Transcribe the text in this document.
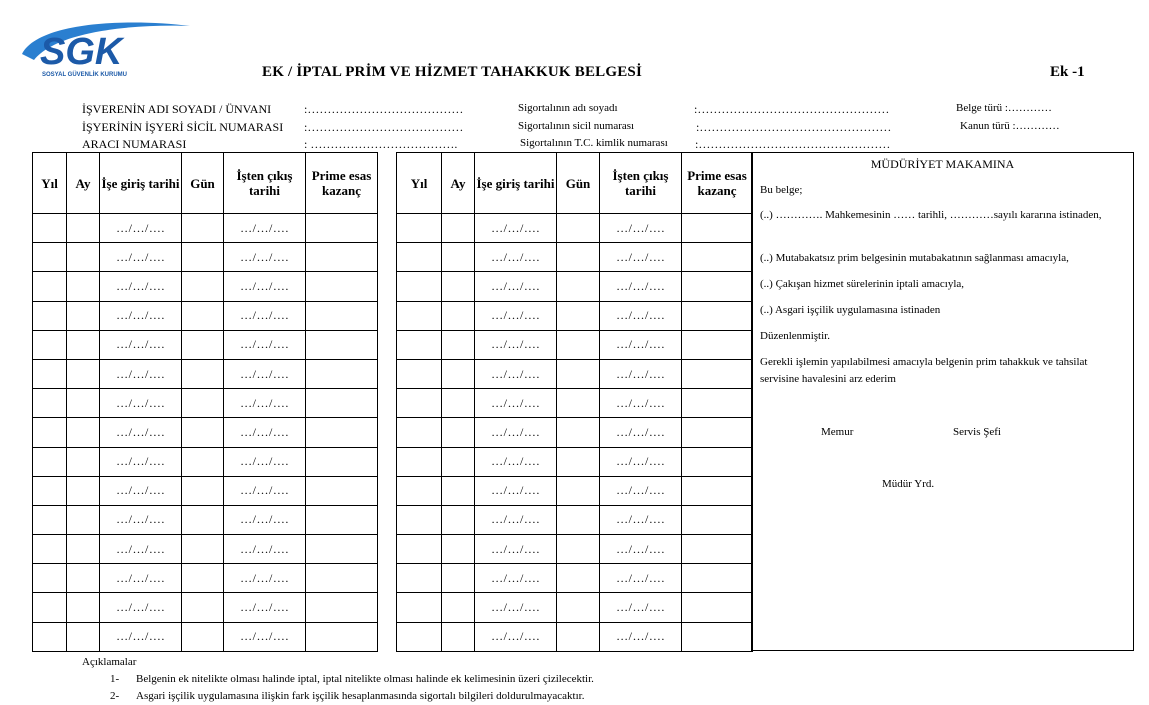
SGK
SOSYAL GÜVENLİK KURUMU	EK / İPTAL PRİM VE HİZMET TAHAKKUK BELGESİ	Ek -1
İŞVERENİN ADI SOYADI / ÜNVANI	:…………………………………
İŞYERİNİN İŞYERİ SİCİL NUMARASI :…………………………………
ARACI NUMARASI	: ……………………………….
Sigortalının adı soyadı	:…………………………………………
Sigortalının sicil numarası	:…………………………………………
Sigortalının T.C. kimlik numarası :…………………………………………
Belge türü :…………
Kanun türü :…………
Yıl	Ay	İşe giriş tarihi	Gün	İşten çıkış tarihi	Prime esas kazanç
		…/…/….		…/…/….	
		…/…/….		…/…/….	
		…/…/….		…/…/….	
		…/…/….		…/…/….	
		…/…/….		…/…/….	
		…/…/….		…/…/….	
		…/…/….		…/…/….	
		…/…/….		…/…/….	
		…/…/….		…/…/….	
		…/…/….		…/…/….	
		…/…/….		…/…/….	
		…/…/….		…/…/….	
		…/…/….		…/…/….	
		…/…/….		…/…/….	
		…/…/….		…/…/….	
Yıl	Ay	İşe giriş tarihi	Gün	İşten çıkış tarihi	Prime esas kazanç
		…/…/….		…/…/….	
		…/…/….		…/…/….	
		…/…/….		…/…/….	
		…/…/….		…/…/….	
		…/…/….		…/…/….	
		…/…/….		…/…/….	
		…/…/….		…/…/….	
		…/…/….		…/…/….	
		…/…/….		…/…/….	
		…/…/….		…/…/….	
		…/…/….		…/…/….	
		…/…/….		…/…/….	
		…/…/….		…/…/….	
		…/…/….		…/…/….	
		…/…/….		…/…/….	
MÜDÜRİYET MAKAMINA
Bu belge;
(..) …………. Mahkemesinin …… tarihli, …………sayılı kararına istinaden,
(..) Mutabakatsız prim belgesinin mutabakatının sağlanması amacıyla,
(..) Çakışan hizmet sürelerinin iptali amacıyla,
(..) Asgari işçilik uygulamasına istinaden
Düzenlenmiştir.
Gerekli işlemin yapılabilmesi amacıyla belgenin prim tahakkuk ve tahsilat servisine havalesini arz ederim
Memur	Servis Şefi
Müdür Yrd.
Açıklamalar
1- Belgenin ek nitelikte olması halinde iptal, iptal nitelikte olması halinde ek kelimesinin üzeri çizilecektir.
2- Asgari işçilik uygulamasına ilişkin fark işçilik hesaplanmasında sigortalı bilgileri doldurulmayacaktır.
